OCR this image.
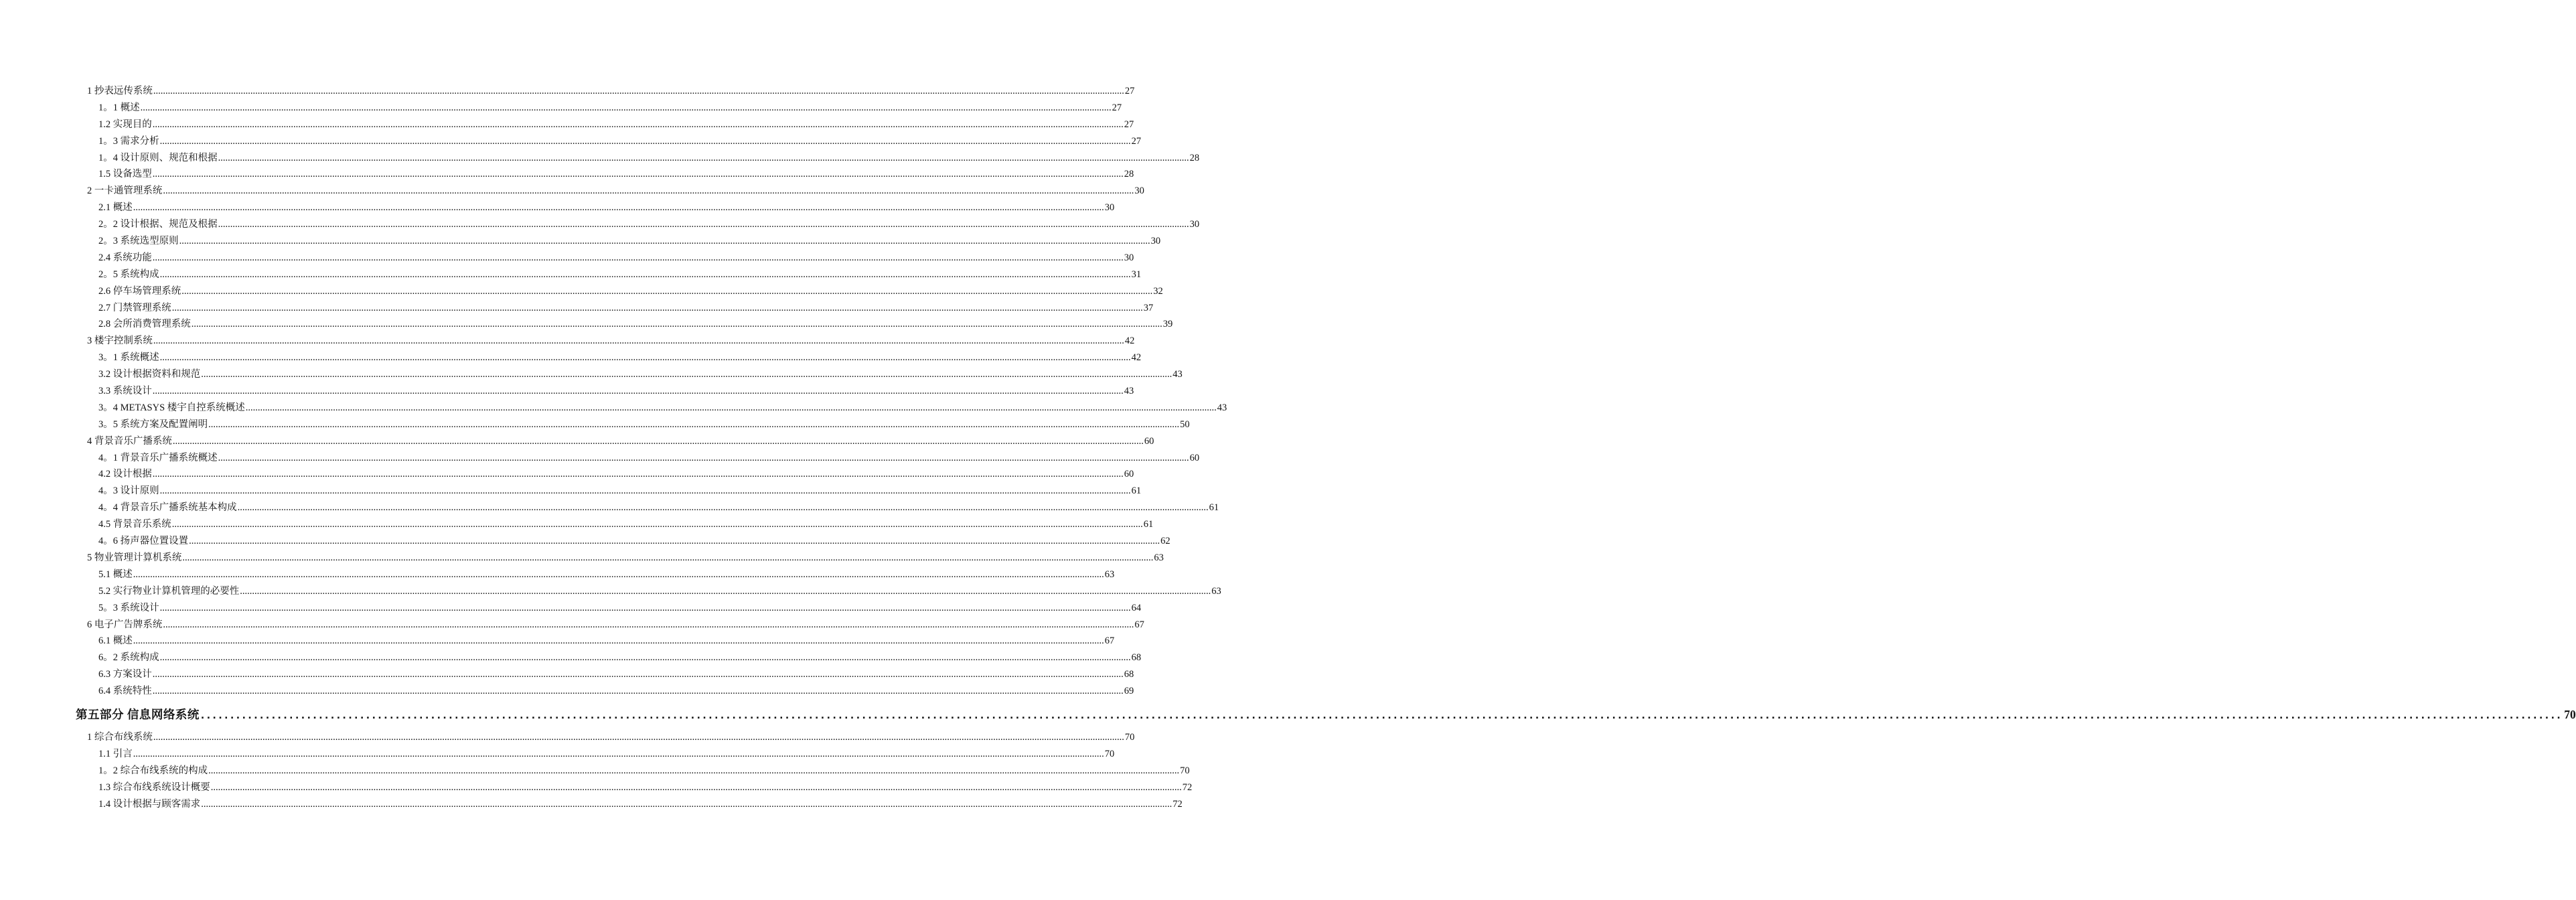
1 抄表远传系统 ................................................................................................................................................................................................................................................................................................................................................................................................................ 27
1。1 概述 ................................................................................................................................................................................................................................................................................................................................................................................................................ 27
1.2 实现目的 ................................................................................................................................................................................................................................................................................................................................................................................................................ 27
1。3 需求分析 ................................................................................................................................................................................................................................................................................................................................................................................................................ 27
1。4 设计原则、规范和根据 ................................................................................................................................................................................................................................................................................................................................................................................................................ 28
1.5 设备选型 ................................................................................................................................................................................................................................................................................................................................................................................................................ 28
2 一卡通管理系统 ................................................................................................................................................................................................................................................................................................................................................................................................................ 30
2.1 概述 ................................................................................................................................................................................................................................................................................................................................................................................................................ 30
2。2 设计根据、规范及根据 ................................................................................................................................................................................................................................................................................................................................................................................................................ 30
2。3 系统选型原则 ................................................................................................................................................................................................................................................................................................................................................................................................................ 30
2.4 系统功能 ................................................................................................................................................................................................................................................................................................................................................................................................................ 30
2。5 系统构成 ................................................................................................................................................................................................................................................................................................................................................................................................................ 31
2.6 停车场管理系统 ................................................................................................................................................................................................................................................................................................................................................................................................................ 32
2.7 门禁管理系统 ................................................................................................................................................................................................................................................................................................................................................................................................................ 37
2.8 会所消费管理系统 ................................................................................................................................................................................................................................................................................................................................................................................................................ 39
3 楼宇控制系统 ................................................................................................................................................................................................................................................................................................................................................................................................................ 42
3。1 系统概述 ................................................................................................................................................................................................................................................................................................................................................................................................................ 42
3.2 设计根据资料和规范 ................................................................................................................................................................................................................................................................................................................................................................................................................ 43
3.3 系统设计 ................................................................................................................................................................................................................................................................................................................................................................................................................ 43
3。4 METASYS 楼宇自控系统概述 ................................................................................................................................................................................................................................................................................................................................................................................................................ 43
3。5 系统方案及配置阐明 ................................................................................................................................................................................................................................................................................................................................................................................................................ 50
4 背景音乐广播系统 ................................................................................................................................................................................................................................................................................................................................................................................................................ 60
4。1 背景音乐广播系统概述 ................................................................................................................................................................................................................................................................................................................................................................................................................ 60
4.2 设计根据 ................................................................................................................................................................................................................................................................................................................................................................................................................ 60
4。3 设计原则 ................................................................................................................................................................................................................................................................................................................................................................................................................ 61
4。4 背景音乐广播系统基本构成 ................................................................................................................................................................................................................................................................................................................................................................................................................ 61
4.5 背景音乐系统 ................................................................................................................................................................................................................................................................................................................................................................................................................ 61
4。6 扬声器位置设置 ................................................................................................................................................................................................................................................................................................................................................................................................................ 62
5 物业管理计算机系统 ................................................................................................................................................................................................................................................................................................................................................................................................................ 63
5.1 概述 ................................................................................................................................................................................................................................................................................................................................................................................................................ 63
5.2 实行物业计算机管理的必要性 ................................................................................................................................................................................................................................................................................................................................................................................................................ 63
5。3 系统设计 ................................................................................................................................................................................................................................................................................................................................................................................................................ 64
6 电子广告牌系统 ................................................................................................................................................................................................................................................................................................................................................................................................................ 67
6.1 概述 ................................................................................................................................................................................................................................................................................................................................................................................................................ 67
6。2 系统构成 ................................................................................................................................................................................................................................................................................................................................................................................................................ 68
6.3 方案设计 ................................................................................................................................................................................................................................................................................................................................................................................................................ 68
6.4 系统特性 ................................................................................................................................................................................................................................................................................................................................................................................................................ 69
第五部分 信息网络系统 ................................................................................................................................................................................................................................................................................................................................................................................................................ 70
1 综合布线系统 ................................................................................................................................................................................................................................................................................................................................................................................................................ 70
1.1 引言 ................................................................................................................................................................................................................................................................................................................................................................................................................ 70
1。2 综合布线系统的构成 ................................................................................................................................................................................................................................................................................................................................................................................................................ 70
1.3 综合布线系统设计概要 ................................................................................................................................................................................................................................................................................................................................................................................................................ 72
1.4 设计根据与顾客需求 ................................................................................................................................................................................................................................................................................................................................................................................................................ 72
